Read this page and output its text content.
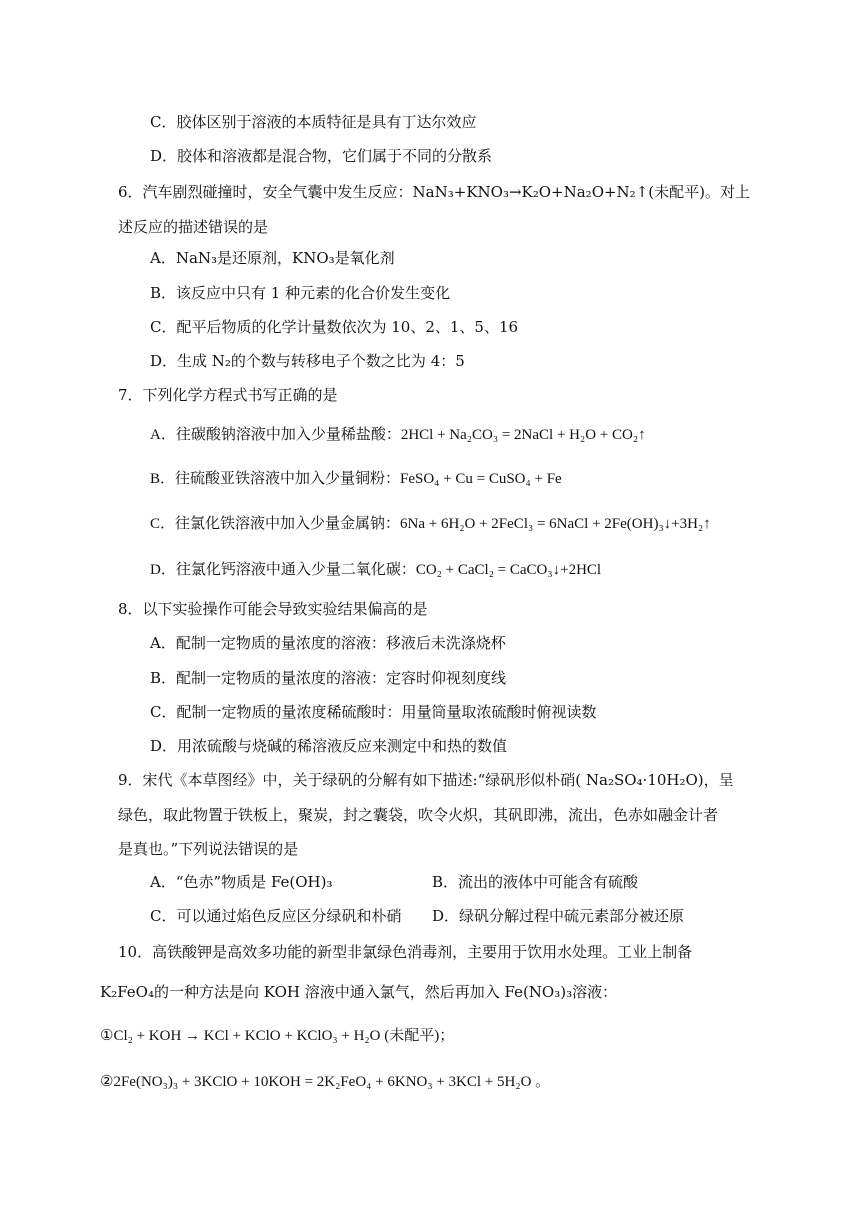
C．胶体区别于溶液的本质特征是具有丁达尔效应
D．胶体和溶液都是混合物，它们属于不同的分散系
6．汽车剧烈碰撞时，安全气囊中发生反应：NaN₃+KNO₃→K₂O+Na₂O+N₂↑(未配平)。对上
述反应的描述错误的是
A．NaN₃是还原剂，KNO₃是氧化剂
B．该反应中只有 1 种元素的化合价发生变化
C．配平后物质的化学计量数依次为 10、2、1、5、16
D．生成 N₂的个数与转移电子个数之比为 4：5
7．下列化学方程式书写正确的是
A．往碳酸钠溶液中加入少量稀盐酸：2HCl + Na₂CO₃ = 2NaCl + H₂O + CO₂↑
B．往硫酸亚铁溶液中加入少量铜粉：FeSO₄ + Cu = CuSO₄ + Fe
C．往氯化铁溶液中加入少量金属钠：6Na + 6H₂O + 2FeCl₃ = 6NaCl + 2Fe(OH)₃↓+3H₂↑
D．往氯化钙溶液中通入少量二氧化碳：CO₂ + CaCl₂ = CaCO₃↓+2HCl
8．以下实验操作可能会导致实验结果偏高的是
A．配制一定物质的量浓度的溶液：移液后未洗涤烧杯
B．配制一定物质的量浓度的溶液：定容时仰视刻度线
C．配制一定物质的量浓度稀硫酸时：用量筒量取浓硫酸时俯视读数
D．用浓硫酸与烧碱的稀溶液反应来测定中和热的数值
9．宋代《本草图经》中，关于绿矾的分解有如下描述:“绿矾形似朴硝( Na₂SO₄·10H₂O)，呈
绿色，取此物置于铁板上，聚炭，封之囊袋，吹令火炽，其矾即沸，流出，色赤如融金计者
是真也。”下列说法错误的是
A．“色赤”物质是 Fe(OH)₃	B．流出的液体中可能含有硫酸
C．可以通过焰色反应区分绿矾和朴硝 D．绿矾分解过程中硫元素部分被还原
10．高铁酸钾是高效多功能的新型非氯绿色消毒剂，主要用于饮用水处理。工业上制备
K₂FeO₄的一种方法是向 KOH 溶液中通入氯气，然后再加入 Fe(NO₃)₃溶液：
①Cl₂ + KOH → KCl + KClO + KClO₃ + H₂O (未配平)；
②2Fe(NO₃)₃ + 3KClO + 10KOH = 2K₂FeO₄ + 6KNO₃ + 3KCl + 5H₂O 。
